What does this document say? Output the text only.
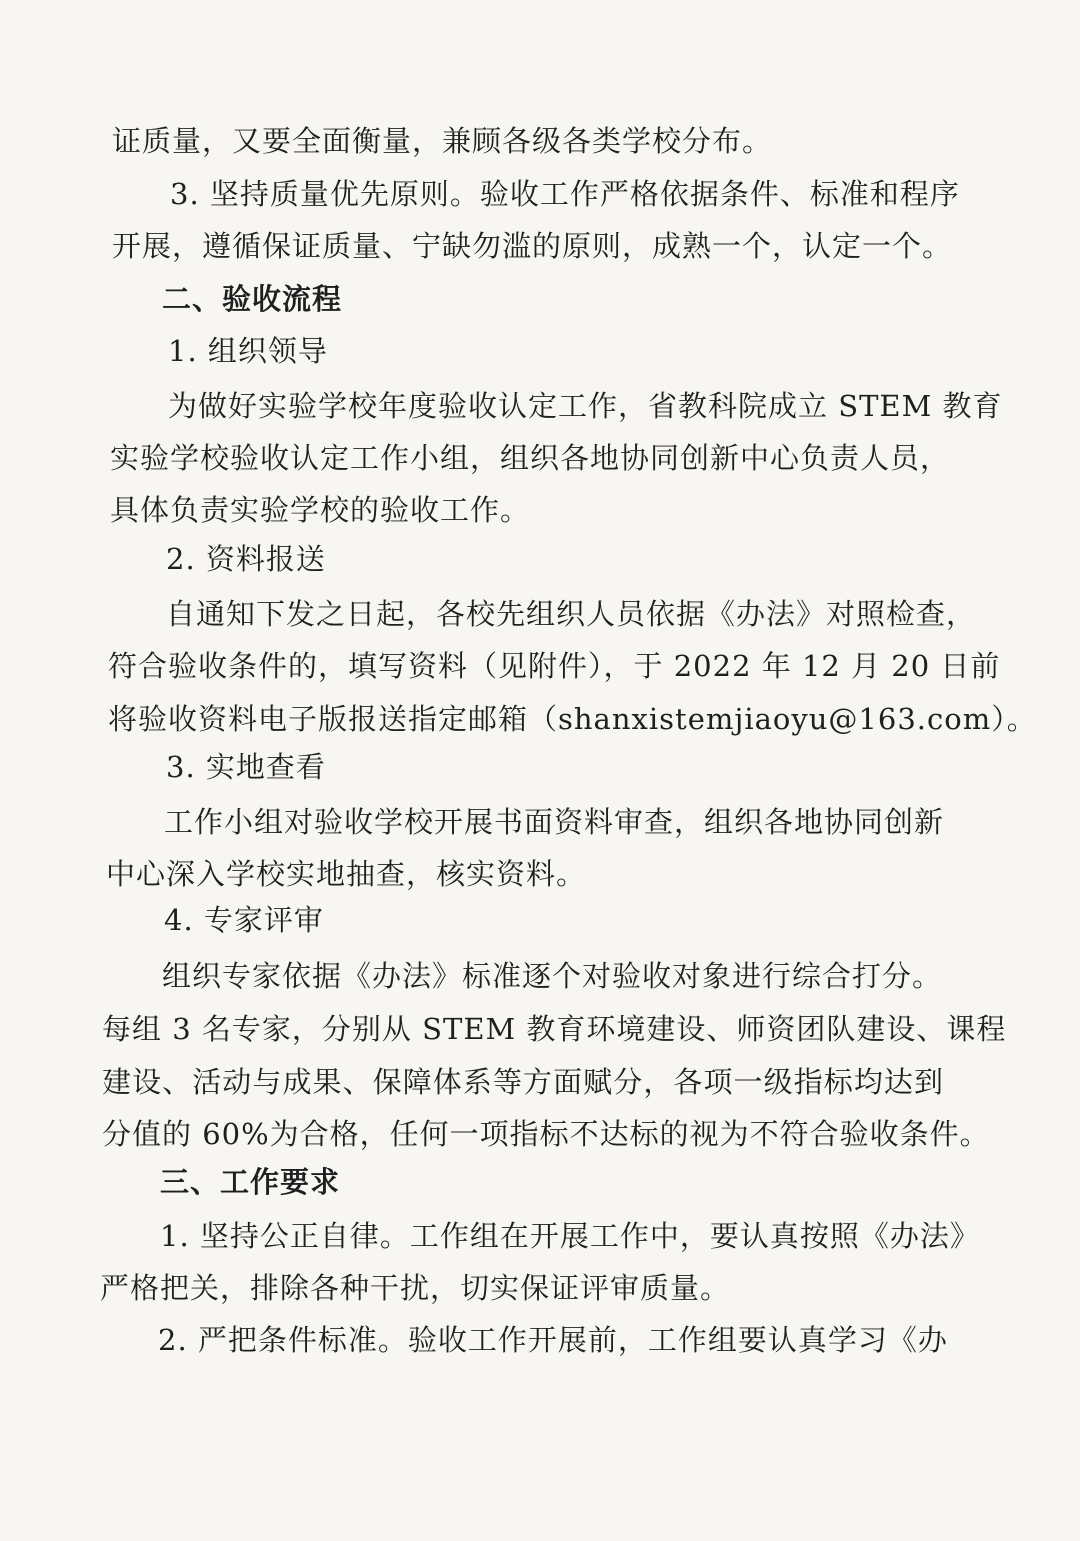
证质量，又要全面衡量，兼顾各级各类学校分布。
3. 坚持质量优先原则。验收工作严格依据条件、标准和程序
开展，遵循保证质量、宁缺勿滥的原则，成熟一个，认定一个。
二、验收流程
1. 组织领导
为做好实验学校年度验收认定工作，省教科院成立 STEM 教育
实验学校验收认定工作小组，组织各地协同创新中心负责人员，
具体负责实验学校的验收工作。
2. 资料报送
自通知下发之日起，各校先组织人员依据《办法》对照检查，
符合验收条件的，填写资料（见附件），于 2022 年 12 月 20 日前
将验收资料电子版报送指定邮箱（shanxistemjiaoyu@163.com）。
3. 实地查看
工作小组对验收学校开展书面资料审查，组织各地协同创新
中心深入学校实地抽查，核实资料。
4. 专家评审
组织专家依据《办法》标准逐个对验收对象进行综合打分。
每组 3 名专家，分别从 STEM 教育环境建设、师资团队建设、课程
建设、活动与成果、保障体系等方面赋分，各项一级指标均达到
分值的 60%为合格，任何一项指标不达标的视为不符合验收条件。
三、工作要求
1. 坚持公正自律。工作组在开展工作中，要认真按照《办法》
严格把关，排除各种干扰，切实保证评审质量。
2. 严把条件标准。验收工作开展前，工作组要认真学习《办
